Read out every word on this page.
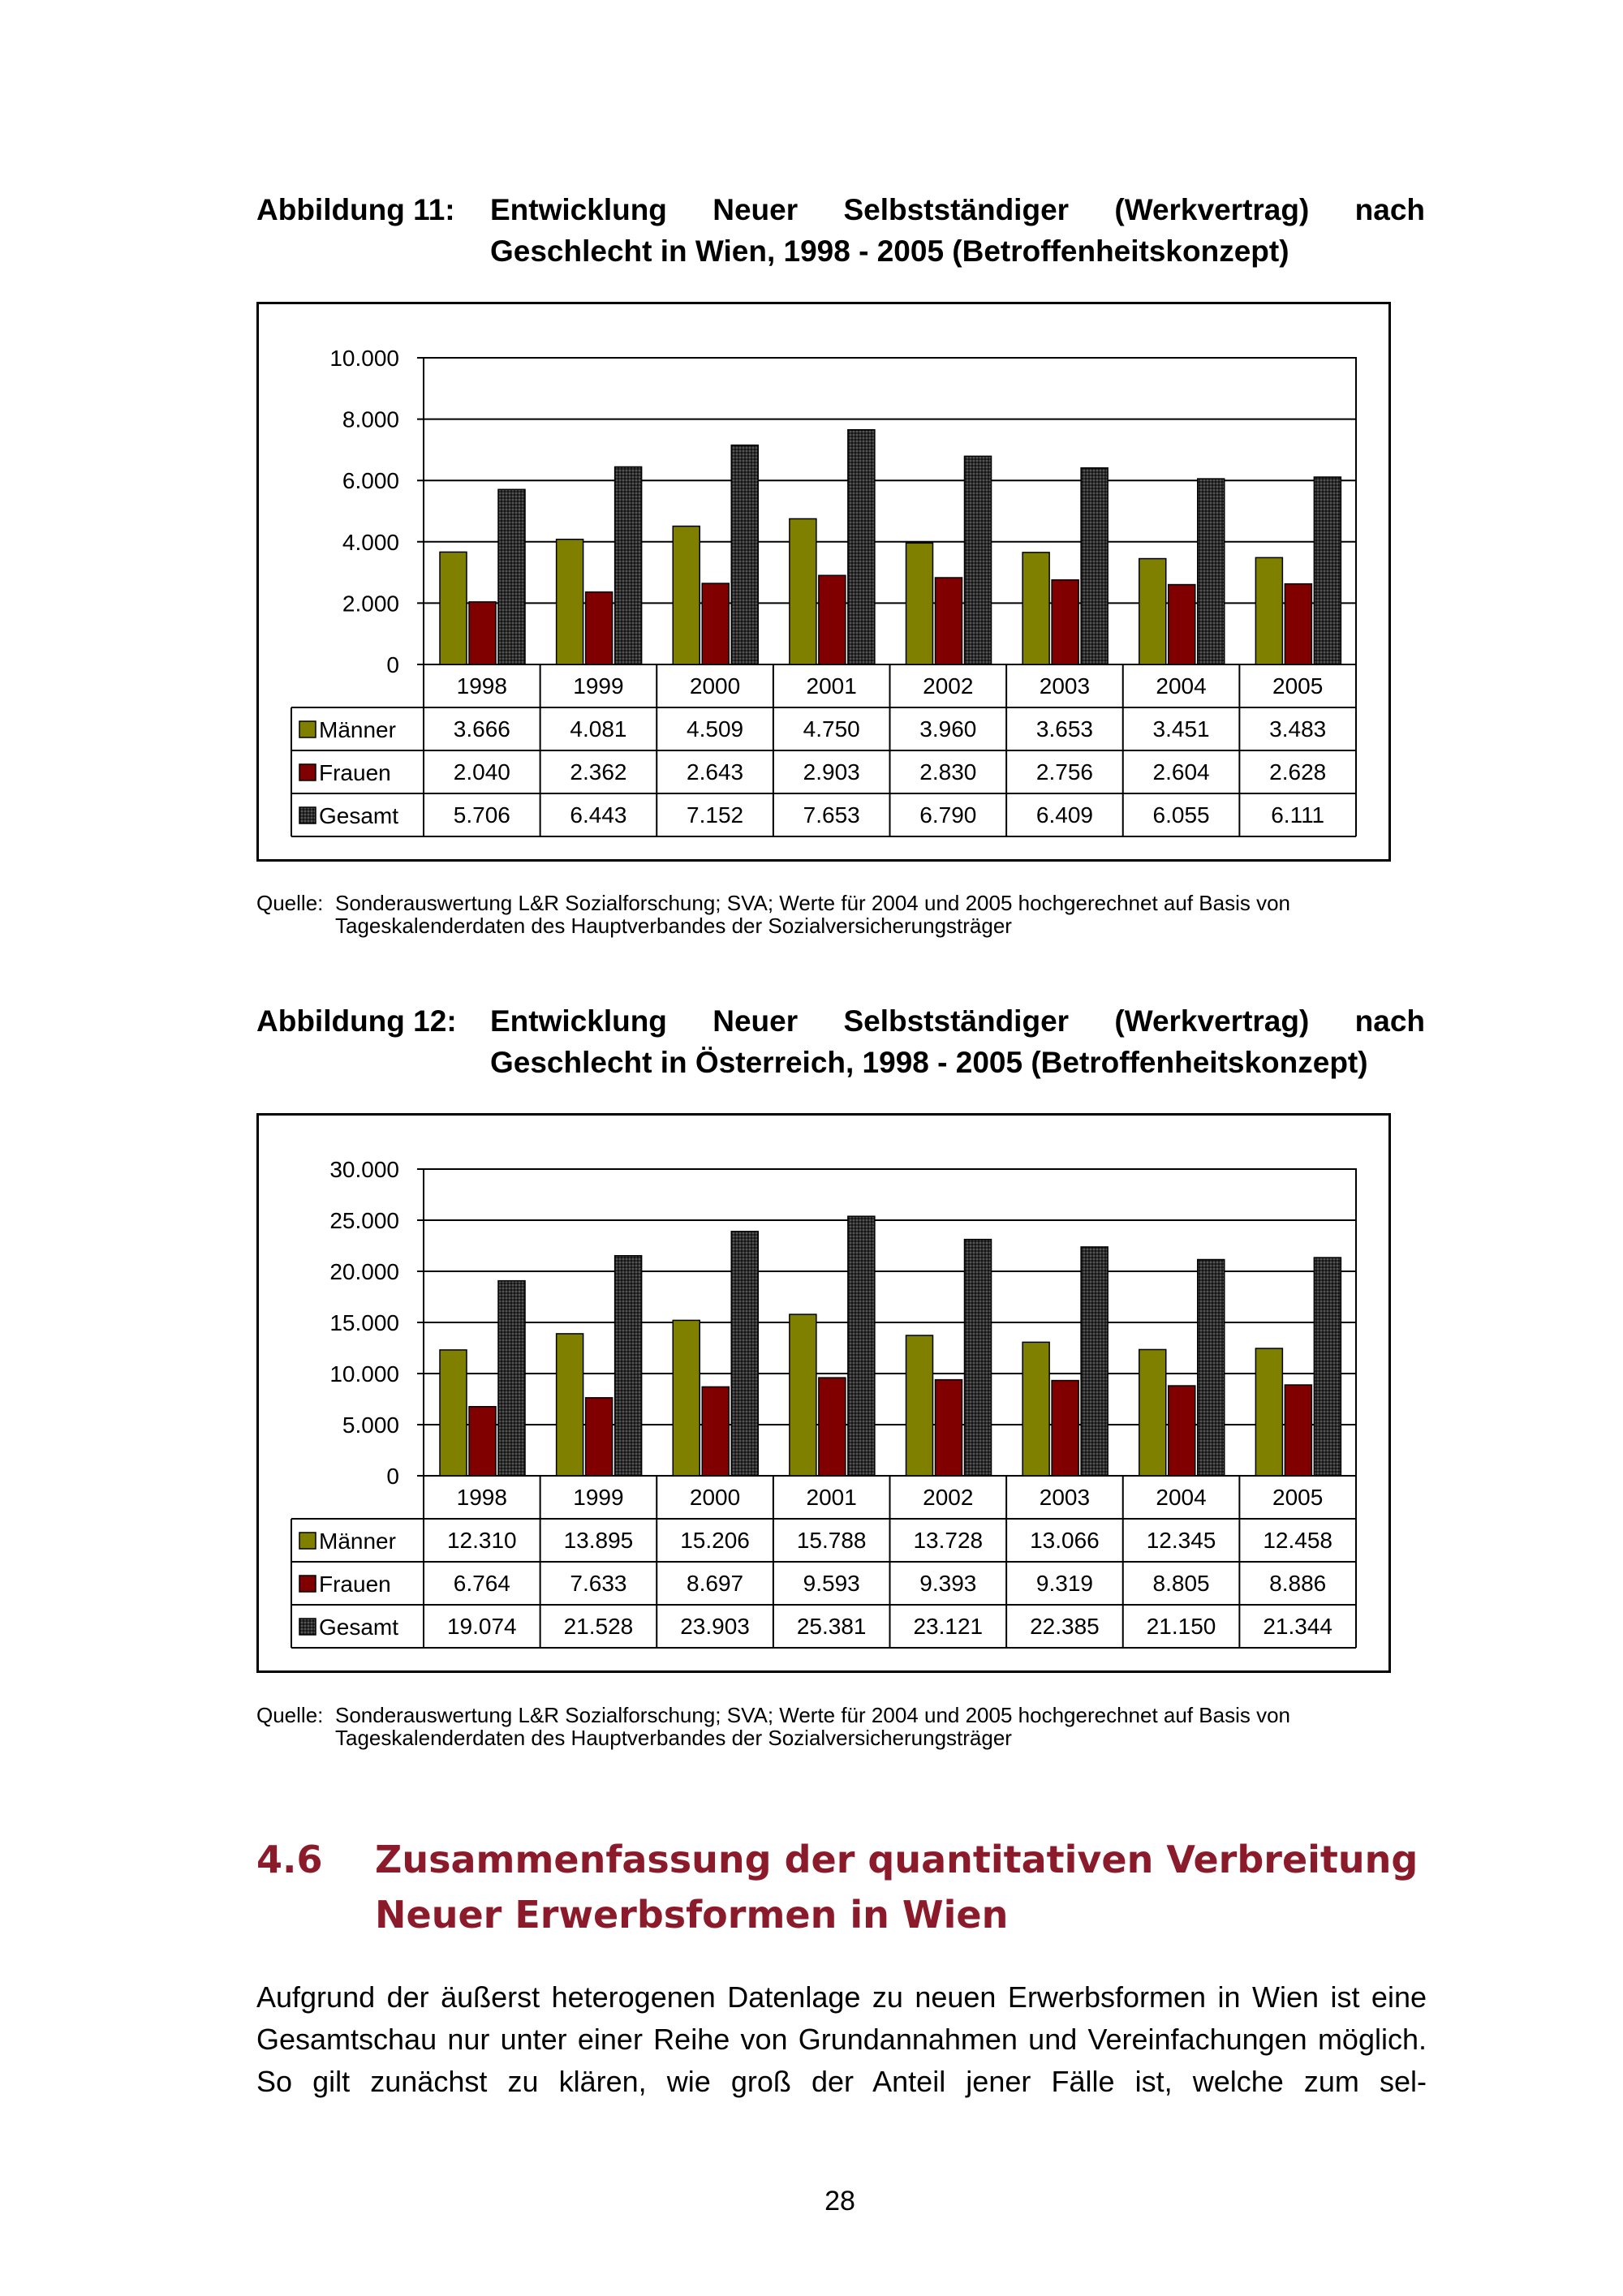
Abbildung 11:	Entwicklung Neuer Selbstständiger (Werkvertrag) nach Geschlecht in Wien, 1998 - 2005 (Betroffenheitskonzept)
0
2.000
4.000
6.000
8.000
10.000
1998	1999	2000	2001	2002	2003	2004	2005
Männer	3.666	4.081	4.509	4.750	3.960	3.653	3.451	3.483
Frauen	2.040	2.362	2.643	2.903	2.830	2.756	2.604	2.628
Gesamt 5.706	6.443	7.152	7.653	6.790	6.409	6.055	6.111
Quelle: Sonderauswertung L&R Sozialforschung; SVA; Werte für 2004 und 2005 hochgerechnet auf Basis von Tageskalenderdaten des Hauptverbandes der Sozialversicherungsträger
Abbildung 12:	Entwicklung Neuer Selbstständiger (Werkvertrag) nach Geschlecht in Österreich, 1998 - 2005 (Betroffenheitskonzept)
0
5.000
10.000
15.000
20.000
25.000
30.000
1998	1999	2000	2001	2002	2003	2004	2005
Männer 12.310 13.895 15.206 15.788 13.728 13.066 12.345 12.458
Frauen	6.764	7.633	8.697	9.593	9.393	9.319	8.805	8.886
Gesamt 19.074 21.528 23.903 25.381 23.121 22.385 21.150 21.344
Quelle: Sonderauswertung L&R Sozialforschung; SVA; Werte für 2004 und 2005 hochgerechnet auf Basis von Tageskalenderdaten des Hauptverbandes der Sozialversicherungsträger
4.6 Zusammenfassung der quantitativen Verbreitung Neuer Erwerbsformen in Wien

Aufgrund der äußerst heterogenen Datenlage zu neuen Erwerbsformen in Wien ist eine Gesamtschau nur unter einer Reihe von Grundannahmen und Vereinfachungen möglich. So gilt zunächst zu klären, wie groß der Anteil jener Fälle ist, welche zum sel-

28
